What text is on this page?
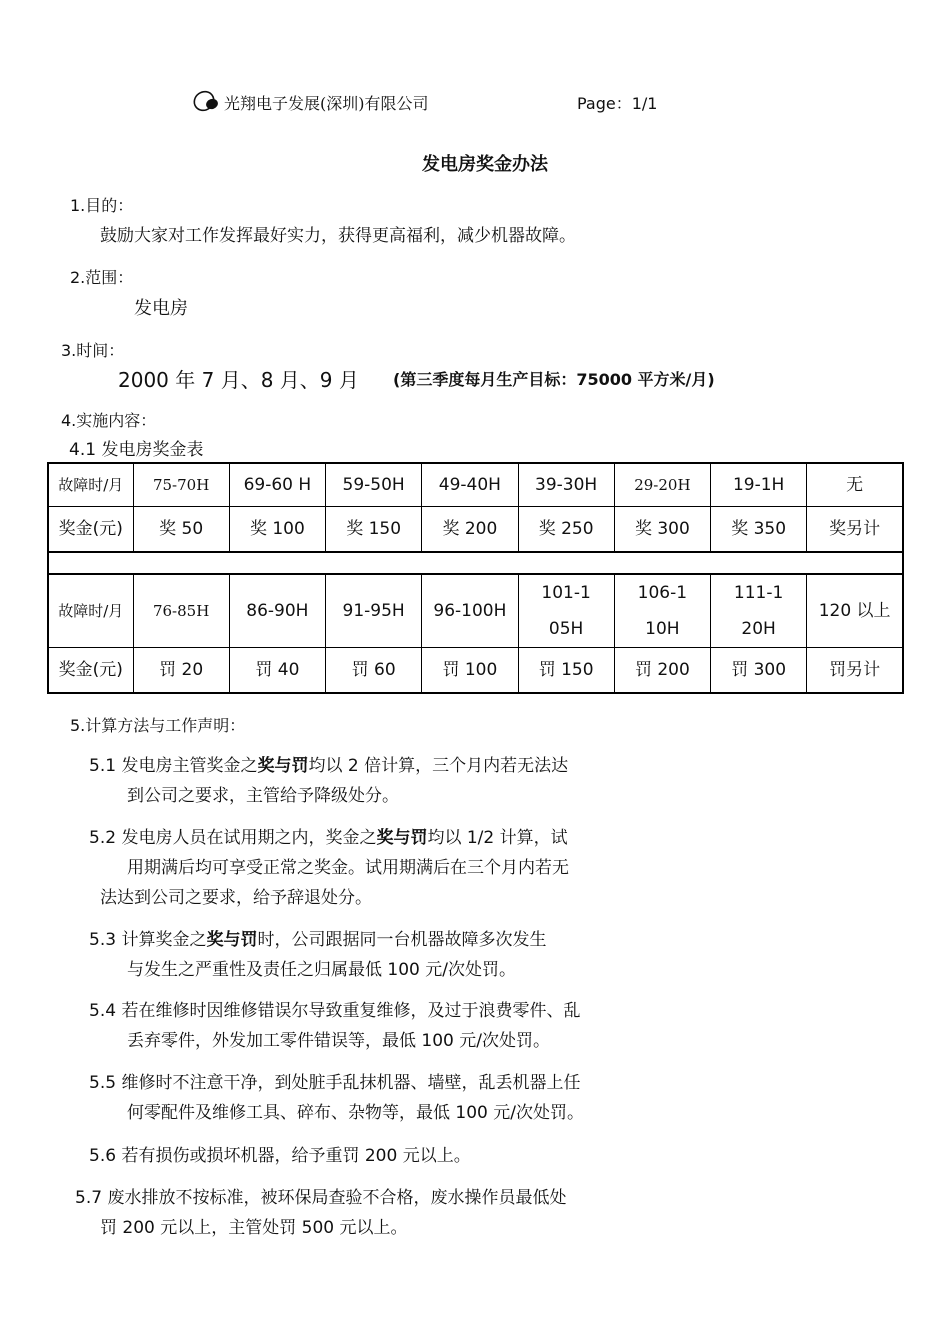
光翔电子发展(深圳)有限公司	Page：1/1
发电房奖金办法
1.目的：
鼓励大家对工作发挥最好实力，获得更高福利，减少机器故障。
2.范围：
发电房
3.时间：
2000 年 7 月、8 月、9 月 (第三季度每月生产目标：75000 平方米/月)
4.实施内容：
4.1 发电房奖金表
故障时/月	75-70H	69-60 H	59-50H	49-40H	39-30H	29-20H	19-1H	无
奖金(元)	奖 50	奖 100	奖 150	奖 200	奖 250	奖 300	奖 350	奖另计

故障时/月	76-85H	86-90H	91-95H	96-100H	101-105H	106-110H	111-120H	120 以上
奖金(元)	罚 20	罚 40	罚 60	罚 100	罚 150	罚 200	罚 300	罚另计
5.计算方法与工作声明：
5.1 发电房主管奖金之奖与罚均以 2 倍计算，三个月内若无法达
到公司之要求，主管给予降级处分。
5.2 发电房人员在试用期之内，奖金之奖与罚均以 1/2 计算，试
用期满后均可享受正常之奖金。试用期满后在三个月内若无
法达到公司之要求，给予辞退处分。
5.3 计算奖金之奖与罚时，公司跟据同一台机器故障多次发生
与发生之严重性及责任之归属最低 100 元/次处罚。
5.4 若在维修时因维修错误尔导致重复维修，及过于浪费零件、乱
丢弃零件，外发加工零件错误等，最低 100 元/次处罚。
5.5 维修时不注意干净，到处脏手乱抹机器、墙壁，乱丢机器上任
何零配件及维修工具、碎布、杂物等，最低 100 元/次处罚。
5.6 若有损伤或损坏机器，给予重罚 200 元以上。
5.7 废水排放不按标准，被环保局查验不合格，废水操作员最低处
罚 200 元以上，主管处罚 500 元以上。
